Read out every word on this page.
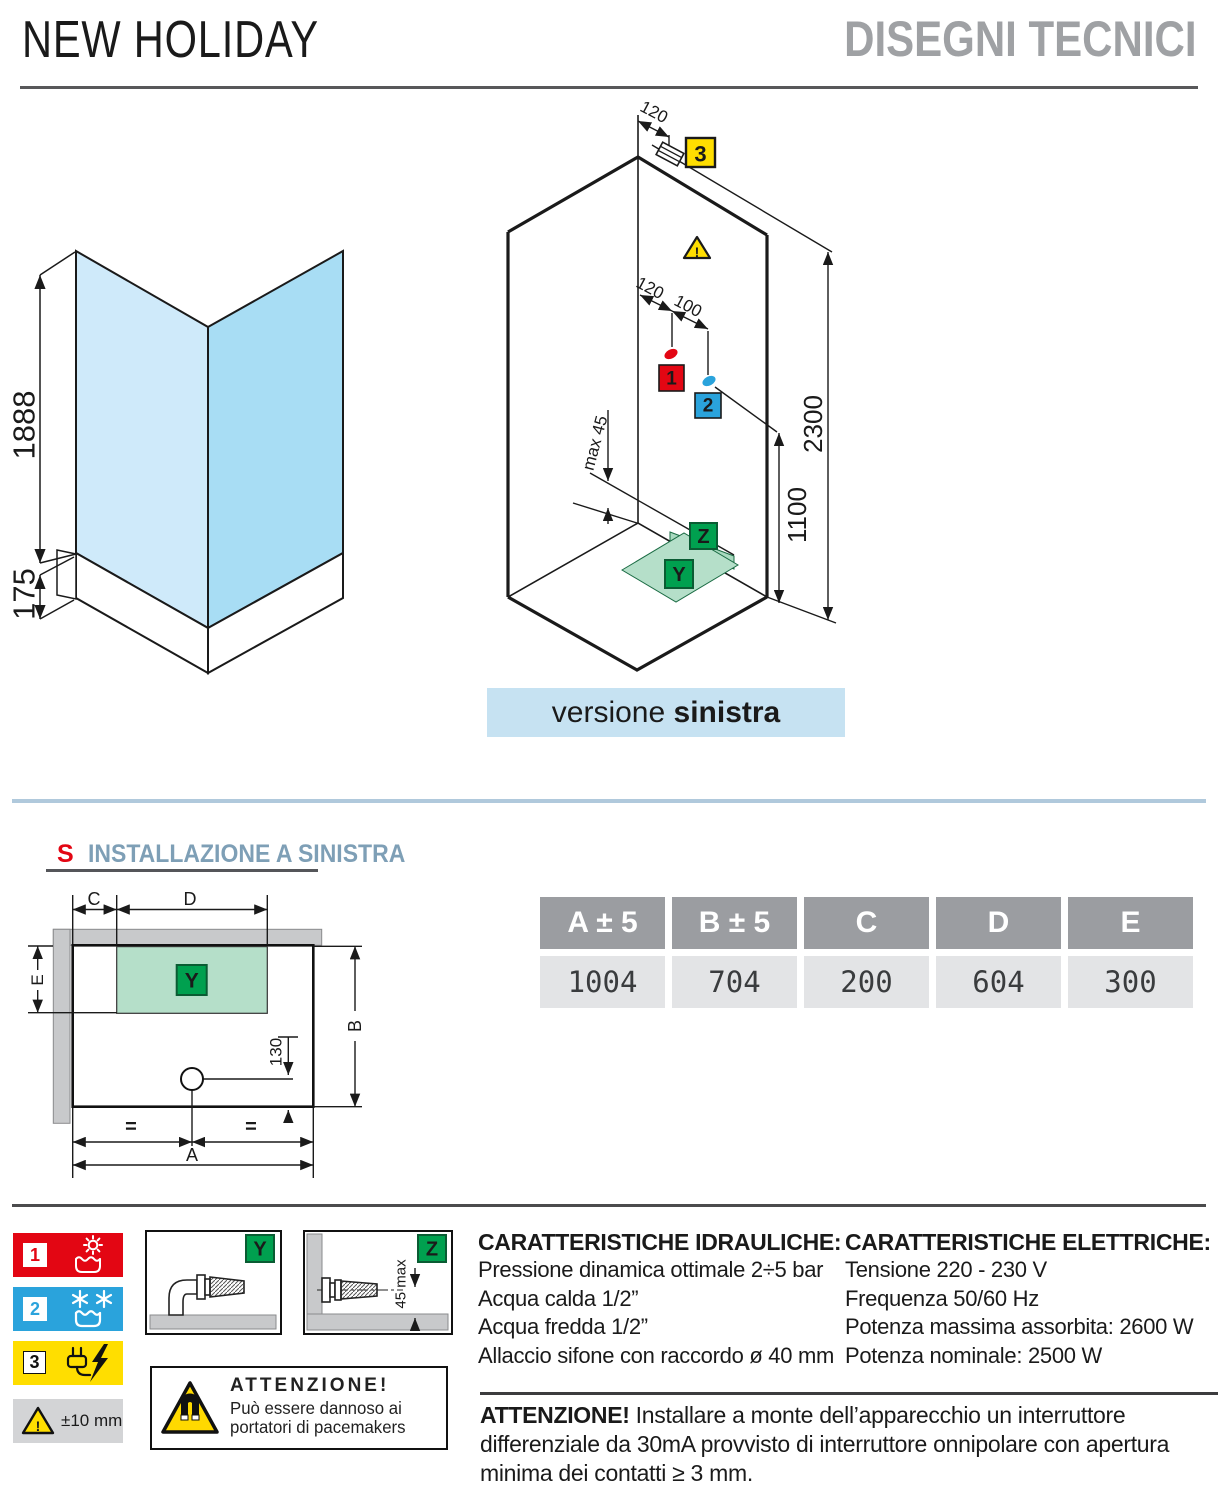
NEW HOLIDAY	DISEGNI TECNICI
1888
175
max 45
120
3
!
120
100
1
2	2300
1100
Z
Y
versione sinistra
S INSTALLAZIONE A SINISTRA
Y
C	D
E
B
130
=	=
A
A ± 5	B ± 5	C	D	E
1004	704	200	604	300
1
2
3
! ±10 mm
Y
45 max
Z
ATTENZIONE!
Può essere dannoso ai
portatori di pacemakers
CARATTERISTICHE IDRAULICHE:
Pressione dinamica ottimale 2÷5 bar
Acqua calda 1/2”
Acqua fredda 1/2”
Allaccio sifone con raccordo ø 40 mm
CARATTERISTICHE ELETTRICHE:
Tensione 220 - 230 V
Frequenza 50/60 Hz
Potenza massima assorbita: 2600 W
Potenza nominale: 2500 W
ATTENZIONE! Installare a monte dell’apparecchio un interruttore differenziale da 30mA provvisto di interruttore onnipolare con apertura minima dei contatti ≥ 3 mm.
